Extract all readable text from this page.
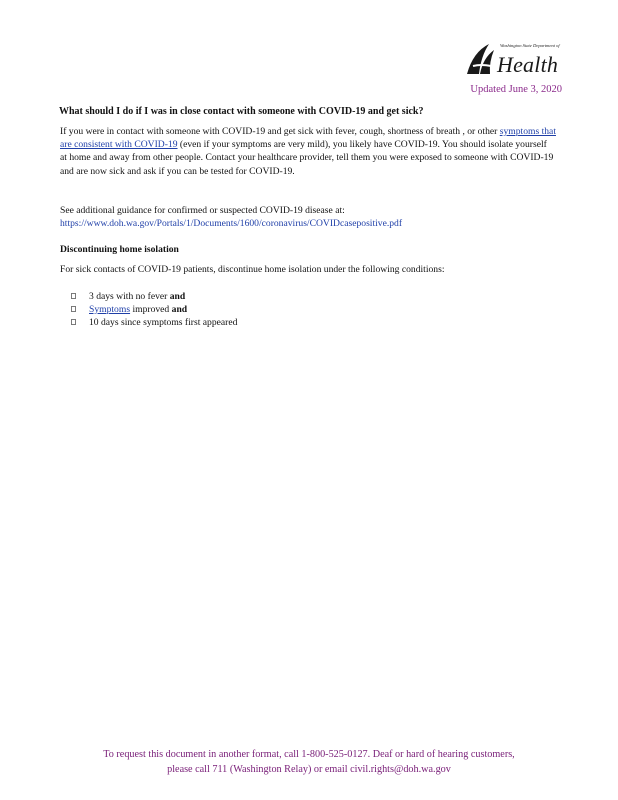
Washington State Department of
Health
Updated June 3, 2020
What should I do if I was in close contact with someone with COVID-19 and get sick?
If you were in contact with someone with COVID-19 and get sick with fever, cough, shortness of breath , or other symptoms that are consistent with COVID-19 (even if your symptoms are very mild), you likely have COVID-19. You should isolate yourself at home and away from other people. Contact your healthcare provider, tell them you were exposed to someone with COVID-19 and are now sick and ask if you can be tested for COVID-19.
See additional guidance for confirmed or suspected COVID-19 disease at:
https://www.doh.wa.gov/Portals/1/Documents/1600/coronavirus/COVIDcasepositive.pdf
Discontinuing home isolation
For sick contacts of COVID-19 patients, discontinue home isolation under the following conditions:
3 days with no fever and
Symptoms improved and
10 days since symptoms first appeared
To request this document in another format, call 1-800-525-0127. Deaf or hard of hearing customers,
please call 711 (Washington Relay) or email civil.rights@doh.wa.gov
